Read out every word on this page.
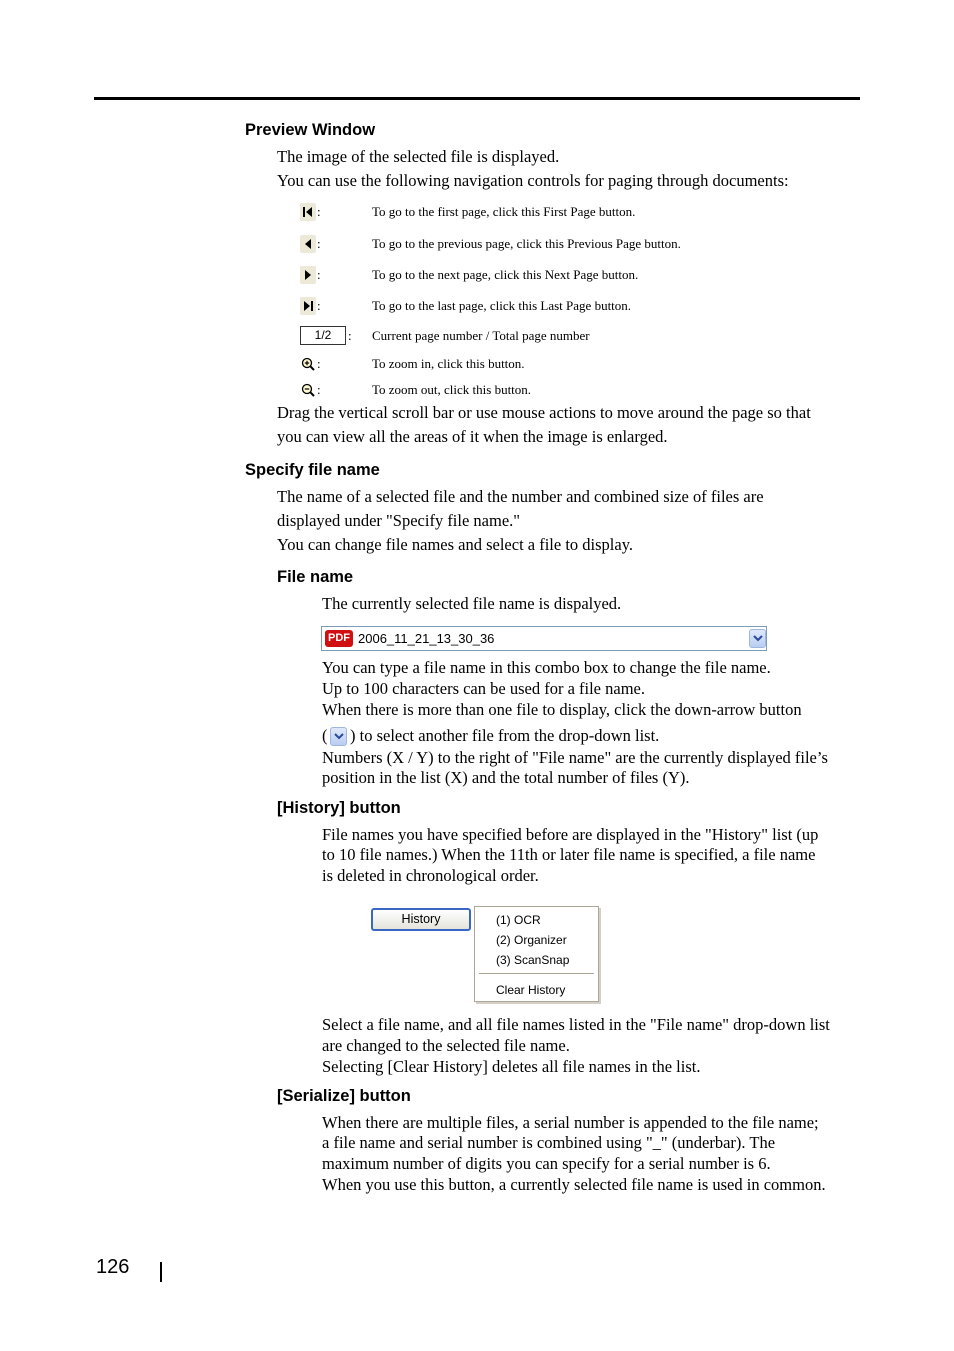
Preview Window
The image of the selected file is displayed.
You can use the following navigation controls for paging through documents:
:	To go to the first page, click this First Page button.
:	To go to the previous page, click this Previous Page button.
:	To go to the next page, click this Next Page button.
:	To go to the last page, click this Last Page button.
1/2	: Current page number / Total page number
:	To zoom in, click this button.
:	To zoom out, click this button.
Drag the vertical scroll bar or use mouse actions to move around the page so that
you can view all the areas of it when the image is enlarged.
Specify file name
The name of a selected file and the number and combined size of files are
displayed under "Specify file name."
You can change file names and select a file to display.
File name
The currently selected file name is dispalyed.
PDF 2006_11_21_13_30_36
You can type a file name in this combo box to change the file name.
Up to 100 characters can be used for a file name.
When there is more than one file to display, click the down-arrow button
( ) to select another file from the drop-down list.
Numbers (X / Y) to the right of "File name" are the currently displayed file’s
position in the list (X) and the total number of files (Y).
[History] button
File names you have specified before are displayed in the "History" list (up
to 10 file names.) When the 11th or later file name is specified, a file name
is deleted in chronological order.
History	(1) OCR
(2) Organizer
(3) ScanSnap
Clear History
Select a file name, and all file names listed in the "File name" drop-down list
are changed to the selected file name.
Selecting [Clear History] deletes all file names in the list.
[Serialize] button
When there are multiple files, a serial number is appended to the file name;
a file name and serial number is combined using "_" (underbar). The
maximum number of digits you can specify for a serial number is 6.
When you use this button, a currently selected file name is used in common.
126
